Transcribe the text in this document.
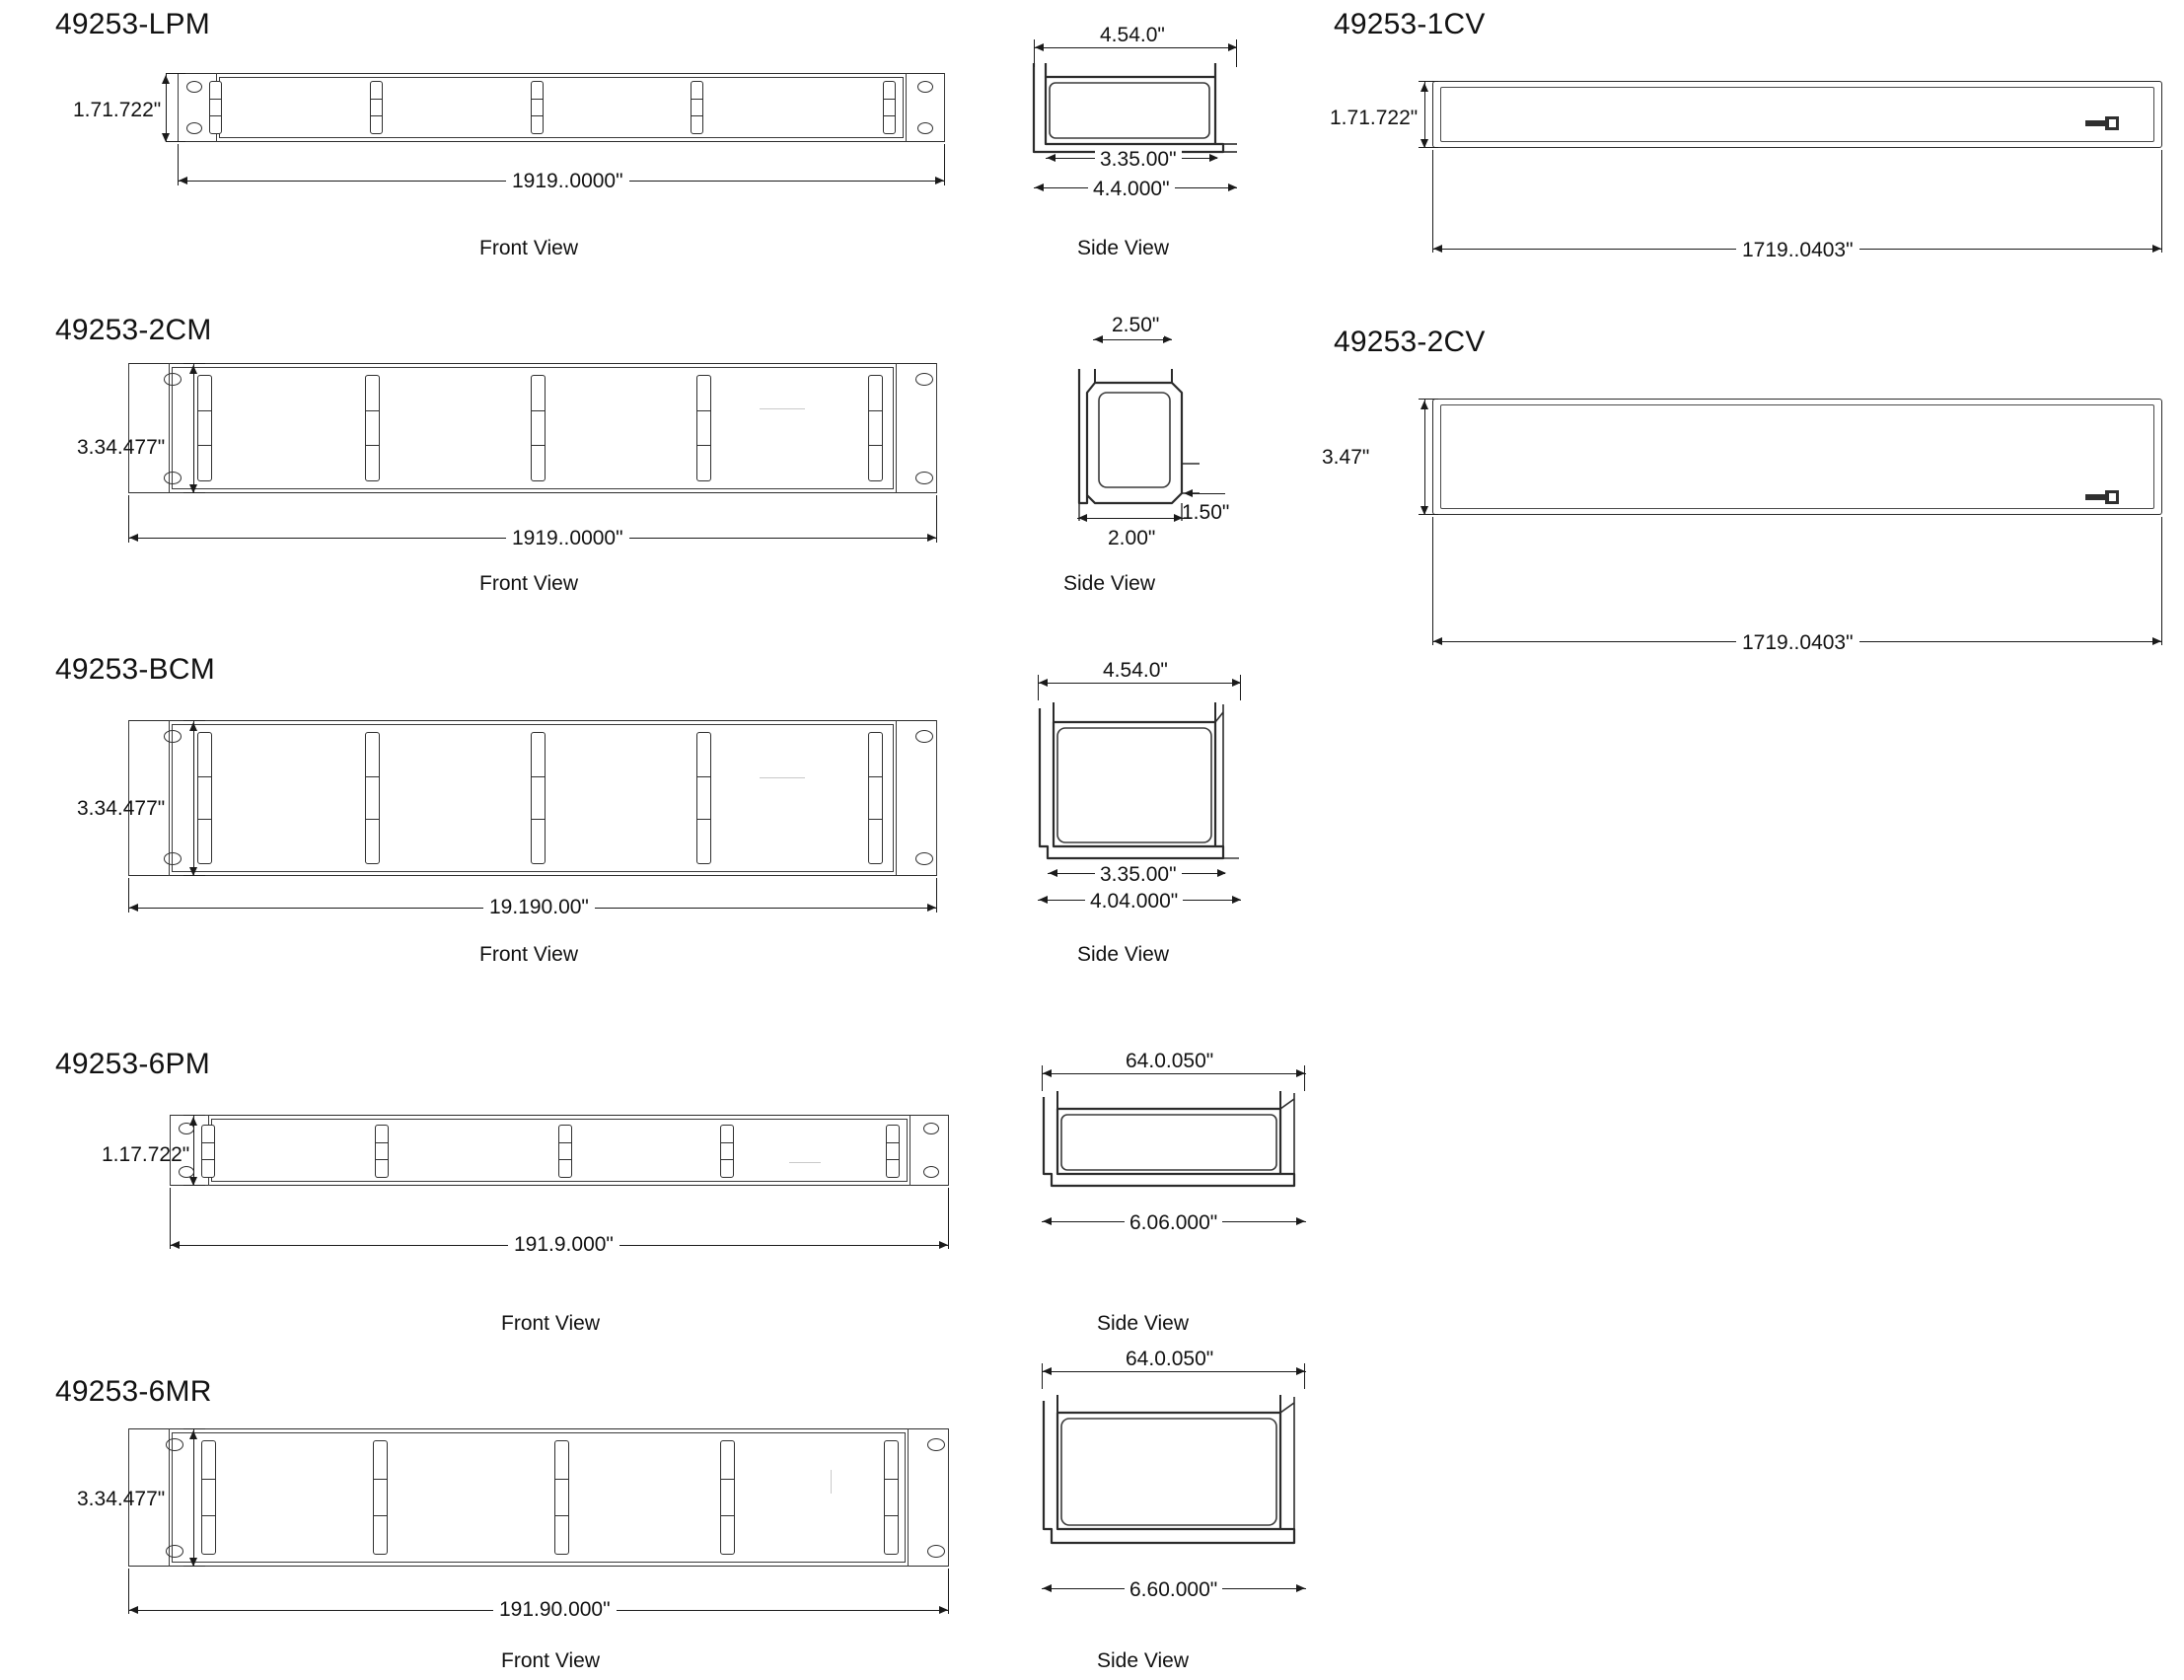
49253-LPM
1.71.722"
1919..0000"
Front View
4.54.0"
3.35.00"
4.4.000"
Side View
49253-1CV
1.71.722"
1719..0403"
49253-2CM
3.34.477"
1919..0000"
Front View
2.50"
1.50"
2.00"
Side View
49253-2CV
3.47"
1719..0403"
49253-BCM
3.34.477"
19.190.00"
Front View
4.54.0"
3.35.00"
4.04.000"
Side View
49253-6PM
1.17.722"
191.9.000"
Front View
64.0.050"
6.06.000"
Side View
49253-6MR
3.34.477"
191.90.000"
Front View
64.0.050"
6.60.000"
Side View
